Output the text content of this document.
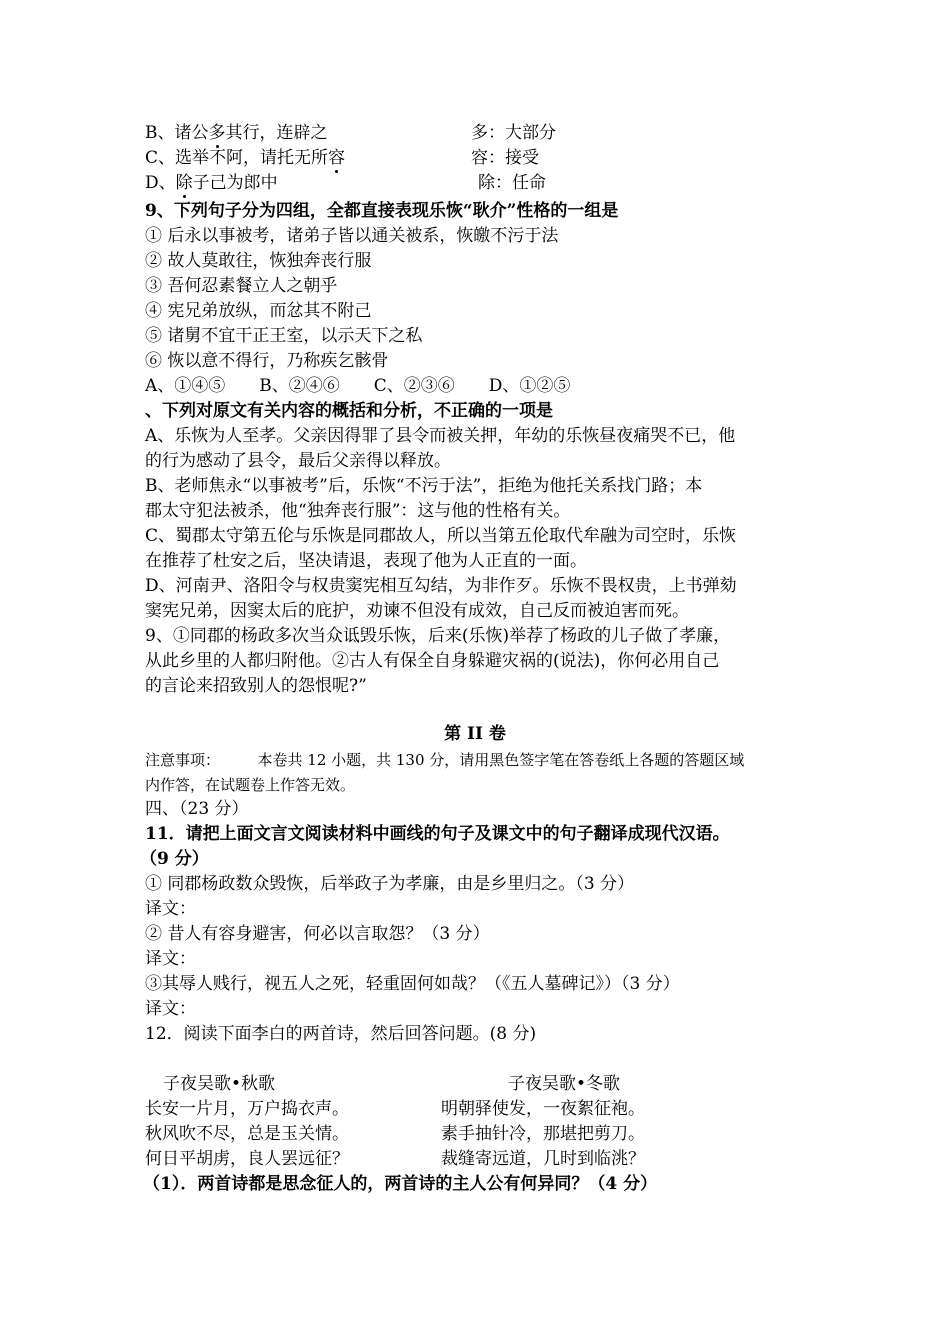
B、诸公多其行，连辟之	多：大部分
C、选举不阿，请托无所容	容：接受
D、除子己为郎中	除：任命
9、下列句子分为四组，全都直接表现乐恢“耿介”性格的一组是
① 后永以事被考，诸弟子皆以通关被系，恢皦不污于法
② 故人莫敢往，恢独奔丧行服
③ 吾何忍素餐立人之朝乎
④ 宪兄弟放纵，而忿其不附己
⑤ 诸舅不宜干正王室，以示天下之私
⑥ 恢以意不得行，乃称疾乞骸骨
A、①④⑤　　B、②④⑥　　C、②③⑥　　D、①②⑤
、下列对原文有关内容的概括和分析，不正确的一项是
A、乐恢为人至孝。父亲因得罪了县令而被关押，年幼的乐恢昼夜痛哭不已，他
的行为感动了县令，最后父亲得以释放。
B、老师焦永“以事被考”后，乐恢“不污于法”，拒绝为他托关系找门路；本
郡太守犯法被杀，他“独奔丧行服”：这与他的性格有关。
C、蜀郡太守第五伦与乐恢是同郡故人，所以当第五伦取代牟融为司空时，乐恢
在推荐了杜安之后，坚决请退，表现了他为人正直的一面。
D、河南尹、洛阳令与权贵窦宪相互勾结，为非作歹。乐恢不畏权贵，上书弹劾
窦宪兄弟，因窦太后的庇护，劝谏不但没有成效，自己反而被迫害而死。
9、①同郡的杨政多次当众诋毁乐恢，后来(乐恢)举荐了杨政的儿子做了孝廉，
从此乡里的人都归附他。②古人有保全自身躲避灾祸的(说法)，你何必用自己
的言论来招致别人的怨恨呢?”
第 II 卷
注意事项：　　　本卷共 12 小题，共 130 分，请用黑色签字笔在答卷纸上各题的答题区域
内作答，在试题卷上作答无效。
四、（23 分）
11．请把上面文言文阅读材料中画线的句子及课文中的句子翻译成现代汉语。
（9 分）
① 同郡杨政数众毁恢，后举政子为孝廉，由是乡里归之。（3 分）
译文：
② 昔人有容身避害，何必以言取怨？（3 分）
译文：
③其辱人贱行，视五人之死，轻重固何如哉？（《五人墓碑记》）（3 分）
译文：
12．阅读下面李白的两首诗，然后回答问题。(8 分)
子夜吴歌•秋歌	子夜吴歌•冬歌
长安一片月，万户捣衣声。	明朝驿使发，一夜絮征袍。
秋风吹不尽，总是玉关情。	素手抽针冷，那堪把剪刀。
何日平胡虏，良人罢远征？	裁缝寄远道，几时到临洮？
（1）．两首诗都是思念征人的，两首诗的主人公有何异同？（4 分）
